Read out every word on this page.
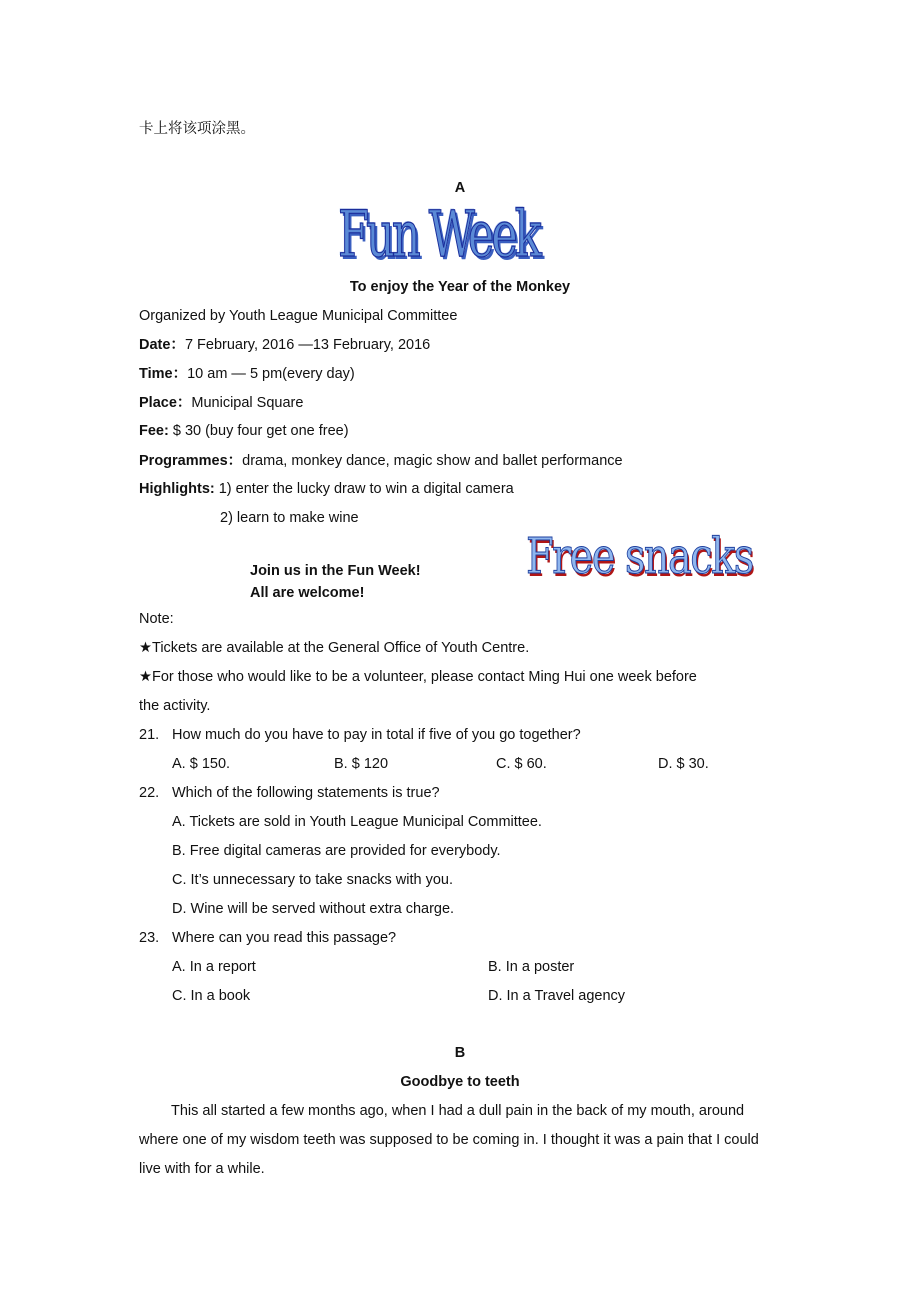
卡上将该项涂黑。
A
Fun Week
To enjoy the Year of the Monkey
Organized by Youth League Municipal Committee
Date：7 February, 2016 —13 February, 2016
Time：10 am — 5 pm(every day)
Place：Municipal Square
Fee: $ 30 (buy four get one free)
Programmes：drama, monkey dance, magic show and ballet performance
Highlights: 1) enter the lucky draw to win a digital camera
2) learn to make wine
Free snacks
Join us in the Fun Week!
All are welcome!
Note:
★Tickets are available at the General Office of Youth Centre.
★For those who would like to be a volunteer, please contact Ming Hui one week before
the activity.
21. How much do you have to pay in total if five of you go together?
A. $ 150.	B. $ 120	C. $ 60.	D. $ 30.
22. Which of the following statements is true?
A. Tickets are sold in Youth League Municipal Committee.
B. Free digital cameras are provided for everybody.
C. It’s unnecessary to take snacks with you.
D. Wine will be served without extra charge.
23. Where can you read this passage?
A. In a report	B. In a poster
C. In a book	D. In a Travel agency
B
Goodbye to teeth
This all started a few months ago, when I had a dull pain in the back of my mouth, around
where one of my wisdom teeth was supposed to be coming in. I thought it was a pain that I could
live with for a while.
